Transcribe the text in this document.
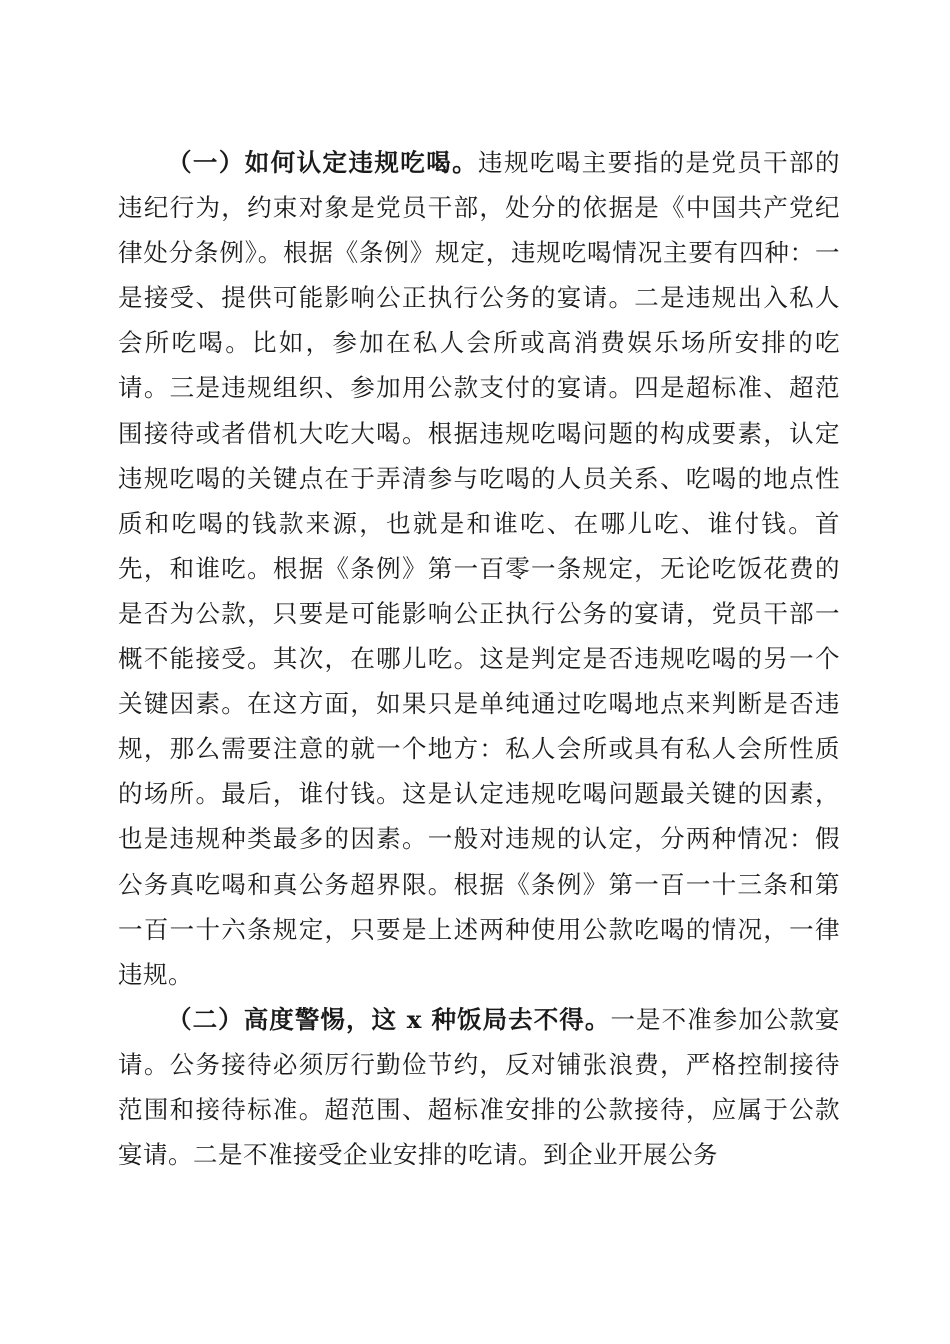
（一）如何认定违规吃喝。违规吃喝主要指的是党员干部的违纪行为，约束对象是党员干部，处分的依据是《中国共产党纪律处分条例》。根据《条例》规定，违规吃喝情况主要有四种：一是接受、提供可能影响公正执行公务的宴请。二是违规出入私人会所吃喝。比如，参加在私人会所或高消费娱乐场所安排的吃请。三是违规组织、参加用公款支付的宴请。四是超标准、超范围接待或者借机大吃大喝。根据违规吃喝问题的构成要素，认定违规吃喝的关键点在于弄清参与吃喝的人员关系、吃喝的地点性质和吃喝的钱款来源，也就是和谁吃、在哪儿吃、谁付钱。首先，和谁吃。根据《条例》第一百零一条规定，无论吃饭花费的是否为公款，只要是可能影响公正执行公务的宴请，党员干部一概不能接受。其次，在哪儿吃。这是判定是否违规吃喝的另一个关键因素。在这方面，如果只是单纯通过吃喝地点来判断是否违规，那么需要注意的就一个地方：私人会所或具有私人会所性质的场所。最后，谁付钱。这是认定违规吃喝问题最关键的因素，也是违规种类最多的因素。一般对违规的认定，分两种情况：假公务真吃喝和真公务超界限。根据《条例》第一百一十三条和第一百一十六条规定，只要是上述两种使用公款吃喝的情况，一律违规。

（二）高度警惕，这 x 种饭局去不得。一是不准参加公款宴请。公务接待必须厉行勤俭节约，反对铺张浪费，严格控制接待范围和接待标准。超范围、超标准安排的公款接待，应属于公款宴请。二是不准接受企业安排的吃请。到企业开展公务
